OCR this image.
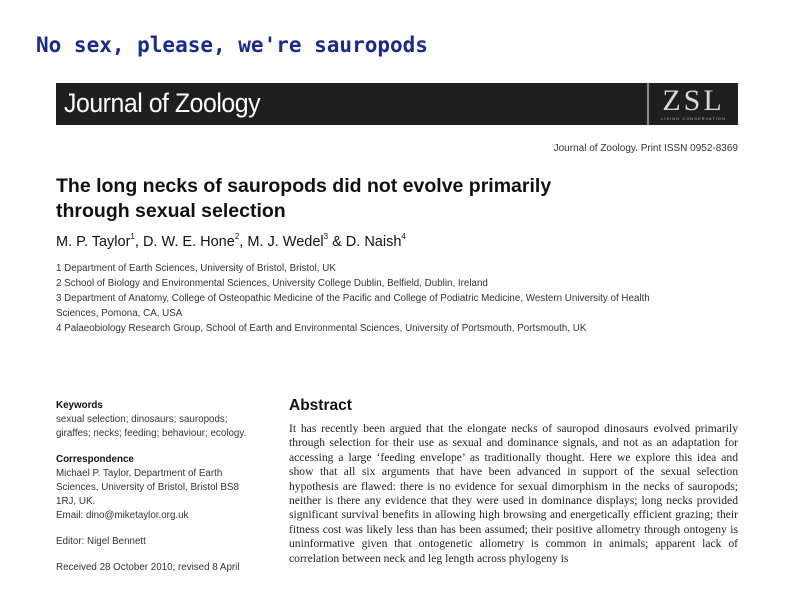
No sex, please, we're sauropods
Journal of Zoology	ZSL
LIVING CONSERVATION
Journal of Zoology. Print ISSN 0952-8369
The long necks of sauropods did not evolve primarily
through sexual selection
M. P. Taylor$^1$, D. W. E. Hone$^2$, M. J. Wedel$^3$ & D. Naish$^4$
1 Department of Earth Sciences, University of Bristol, Bristol, UK
2 School of Biology and Environmental Sciences, University College Dublin, Belfield, Dublin, Ireland
3 Department of Anatomy, College of Osteopathic Medicine of the Pacific and College of Podiatric Medicine, Western University of Health
Sciences, Pomona, CA, USA
4 Palaeobiology Research Group, School of Earth and Environmental Sciences, University of Portsmouth, Portsmouth, UK
Keywords
sexual selection; dinosaurs; sauropods;
giraffes; necks; feeding; behaviour; ecology.
Correspondence
Michael P. Taylor, Department of Earth
Sciences, University of Bristol, Bristol BS8
1RJ, UK.
Email: dino@miketaylor.org.uk
Editor: Nigel Bennett
Received 28 October 2010; revised 8 April
Abstract
It has recently been argued that the elongate necks of sauropod dinosaurs evolved primarily through selection for their use as sexual and dominance signals, and not as an adaptation for accessing a large ‘feeding envelope’ as traditionally thought. Here we explore this idea and show that all six arguments that have been advanced in support of the sexual selection hypothesis are flawed: there is no evidence for sexual dimorphism in the necks of sauropods; neither is there any evidence that they were used in dominance displays; long necks provided significant survival benefits in allowing high browsing and energetically efficient grazing; their fitness cost was likely less than has been assumed; their positive allometry through ontogeny is uninformative given that ontogenetic allometry is common in animals; apparent lack of correlation between neck and leg length across phylogeny is
